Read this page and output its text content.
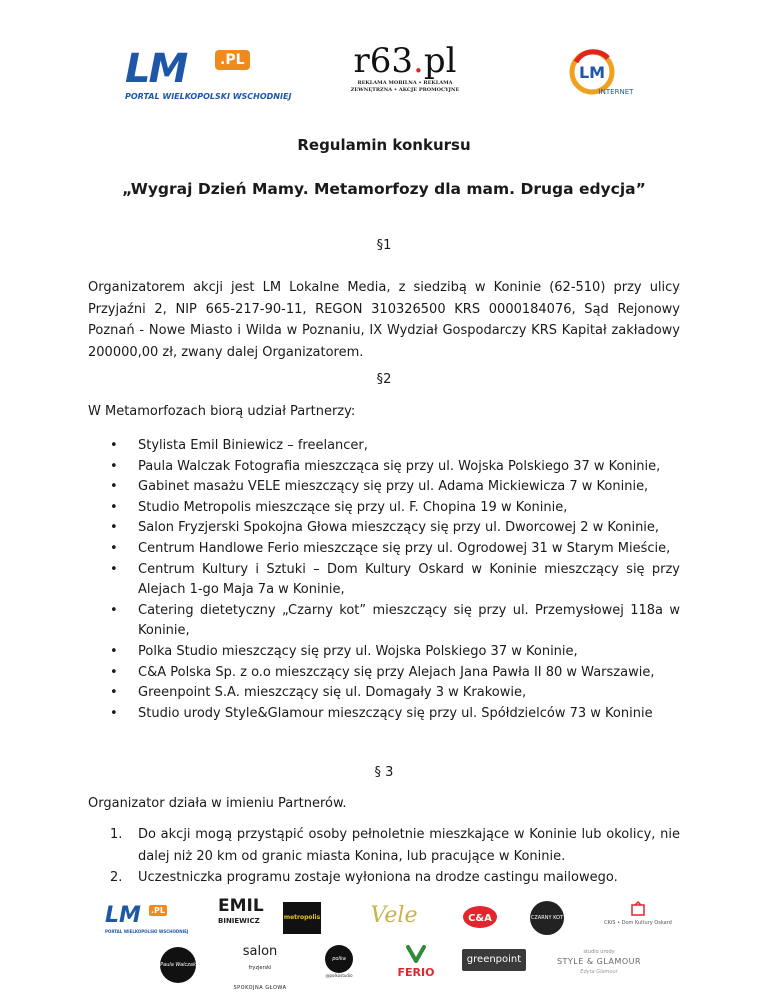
LM	.PL
PORTAL WIELKOPOLSKI WSCHODNIEJ
r63.pl
REKLAMA MOBILNA • REKLAMA
ZEWNĘTRZNA • AKCJE PROMOCYJNE
LM
INTERNET
Regulamin konkursu
„Wygraj Dzień Mamy. Metamorfozy dla mam. Druga edycja”
§1
Organizatorem akcji jest LM Lokalne Media, z siedzibą w Koninie (62-510) przy ulicy Przyjaźni 2, NIP 665-217-90-11, REGON 310326500 KRS 0000184076, Sąd Rejonowy Poznań - Nowe Miasto i Wilda w Poznaniu, IX Wydział Gospodarczy KRS Kapitał zakładowy 200000,00 zł, zwany dalej Organizatorem.
§2
W Metamorfozach biorą udział Partnerzy:
• Stylista Emil Biniewicz – freelancer,
• Paula Walczak Fotografia mieszcząca się przy ul. Wojska Polskiego 37 w Koninie,
• Gabinet masażu VELE mieszczący się przy ul. Adama Mickiewicza 7 w Koninie,
• Studio Metropolis mieszczące się przy ul. F. Chopina 19 w Koninie,
• Salon Fryzjerski Spokojna Głowa mieszczący się przy ul. Dworcowej 2 w Koninie,
• Centrum Handlowe Ferio mieszczące się przy ul. Ogrodowej 31 w Starym Mieście,
• Centrum Kultury i Sztuki – Dom Kultury Oskard w Koninie mieszczący się przy Alejach 1-go Maja 7a w Koninie,
• Catering dietetyczny „Czarny kot” mieszczący się przy ul. Przemysłowej 118a w Koninie,
• Polka Studio mieszczący się przy ul. Wojska Polskiego 37 w Koninie,
• C&A Polska Sp. z o.o mieszczący się przy Alejach Jana Pawła II 80 w Warszawie,
• Greenpoint S.A. mieszczący się ul. Domagały 3 w Krakowie,
• Studio urody Style&Glamour mieszczący się przy ul. Spółdzielców 73 w Koninie
§ 3
Organizator działa w imieniu Partnerów.
1. Do akcji mogą przystąpić osoby pełnoletnie mieszkające w Koninie lub okolicy, nie dalej niż 20 km od granic miasta Konina, lub pracujące w Koninie.
2. Uczestniczka programu zostaje wyłoniona na drodze castingu mailowego.
LM .PL
PORTAL WIELKOPOLSKI WSCHODNIEJ
EMIL
BINIEWICZ	metropolis Vele	C&A	CZARNY KOT
CKiS • Dom Kultury Oskard
Paula Walczak
salon fryzjerski
SPOKOJNA GŁOWA
polka studio
@polkastudio	FERIO
greenpoint
studio urody
STYLE & GLAMOUR
Edyta Glamour
